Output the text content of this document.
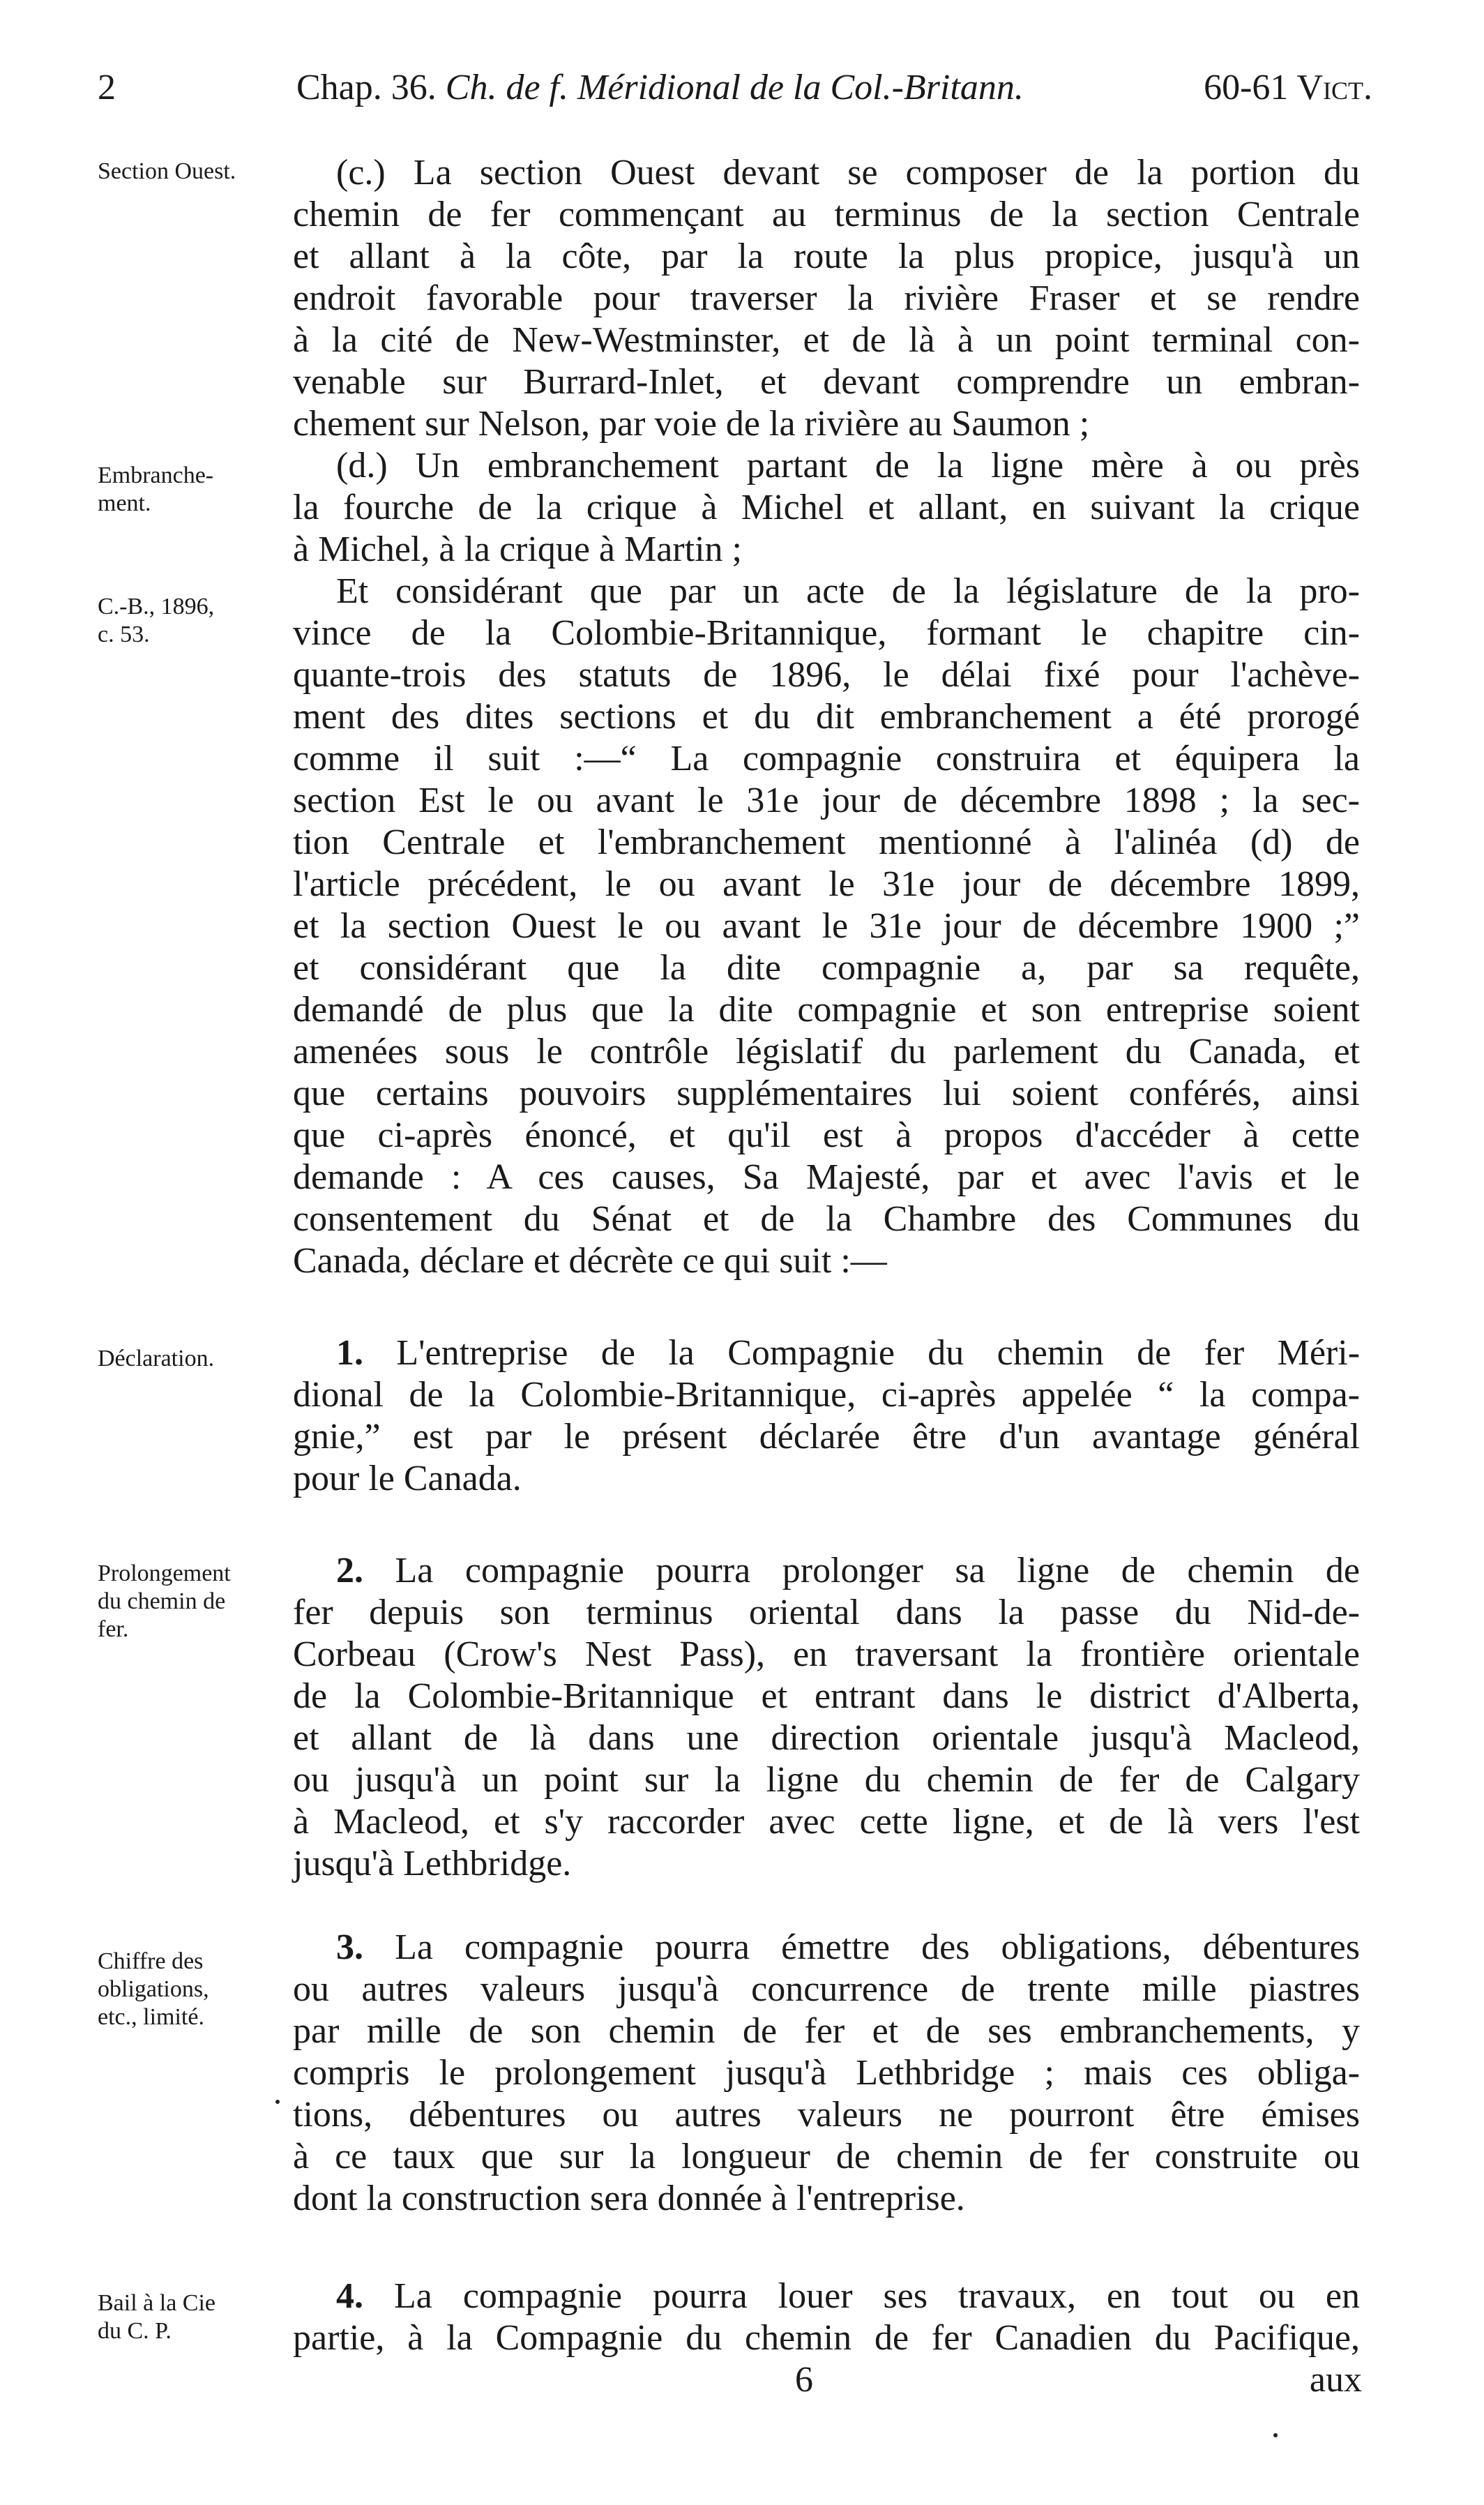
2	Chap. 36. Ch. de f. Méridional de la Col.-Britann.	60-61 Vict.
Section Ouest.
Embranche-
ment.
C.-B., 1896,
c. 53.
Déclaration.
Prolongement
du chemin de
fer.
Chiffre des
obligations,
etc., limité.
Bail à la Cie
du C. P.
(c.) La section Ouest devant se composer de la portion du
chemin de fer commençant au terminus de la section Centrale
et allant à la côte, par la route la plus propice, jusqu'à un
endroit favorable pour traverser la rivière Fraser et se rendre
à la cité de New-Westminster, et de là à un point terminal con-
venable sur Burrard-Inlet, et devant comprendre un embran-
chement sur Nelson, par voie de la rivière au Saumon ;
(d.) Un embranchement partant de la ligne mère à ou près
la fourche de la crique à Michel et allant, en suivant la crique
à Michel, à la crique à Martin ;
Et considérant que par un acte de la législature de la pro-
vince de la Colombie-Britannique, formant le chapitre cin-
quante-trois des statuts de 1896, le délai fixé pour l'achève-
ment des dites sections et du dit embranchement a été prorogé
comme il suit :—“ La compagnie construira et équipera la
section Est le ou avant le 31e jour de décembre 1898 ; la sec-
tion Centrale et l'embranchement mentionné à l'alinéa (d) de
l'article précédent, le ou avant le 31e jour de décembre 1899,
et la section Ouest le ou avant le 31e jour de décembre 1900 ;”
et considérant que la dite compagnie a, par sa requête,
demandé de plus que la dite compagnie et son entreprise soient
amenées sous le contrôle législatif du parlement du Canada, et
que certains pouvoirs supplémentaires lui soient conférés, ainsi
que ci-après énoncé, et qu'il est à propos d'accéder à cette
demande : A ces causes, Sa Majesté, par et avec l'avis et le
consentement du Sénat et de la Chambre des Communes du
Canada, déclare et décrète ce qui suit :—
1. L'entreprise de la Compagnie du chemin de fer Méri-
dional de la Colombie-Britannique, ci-après appelée “ la compa-
gnie,” est par le présent déclarée être d'un avantage général
pour le Canada.
2. La compagnie pourra prolonger sa ligne de chemin de
fer depuis son terminus oriental dans la passe du Nid-de-
Corbeau (Crow's Nest Pass), en traversant la frontière orientale
de la Colombie-Britannique et entrant dans le district d'Alberta,
et allant de là dans une direction orientale jusqu'à Macleod,
ou jusqu'à un point sur la ligne du chemin de fer de Calgary
à Macleod, et s'y raccorder avec cette ligne, et de là vers l'est
jusqu'à Lethbridge.
3. La compagnie pourra émettre des obligations, débentures
ou autres valeurs jusqu'à concurrence de trente mille piastres
par mille de son chemin de fer et de ses embranchements, y
compris le prolongement jusqu'à Lethbridge ; mais ces obliga-
tions, débentures ou autres valeurs ne pourront être émises
à ce taux que sur la longueur de chemin de fer construite ou
dont la construction sera donnée à l'entreprise.
4. La compagnie pourra louer ses travaux, en tout ou en
partie, à la Compagnie du chemin de fer Canadien du Pacifique,
6	aux
